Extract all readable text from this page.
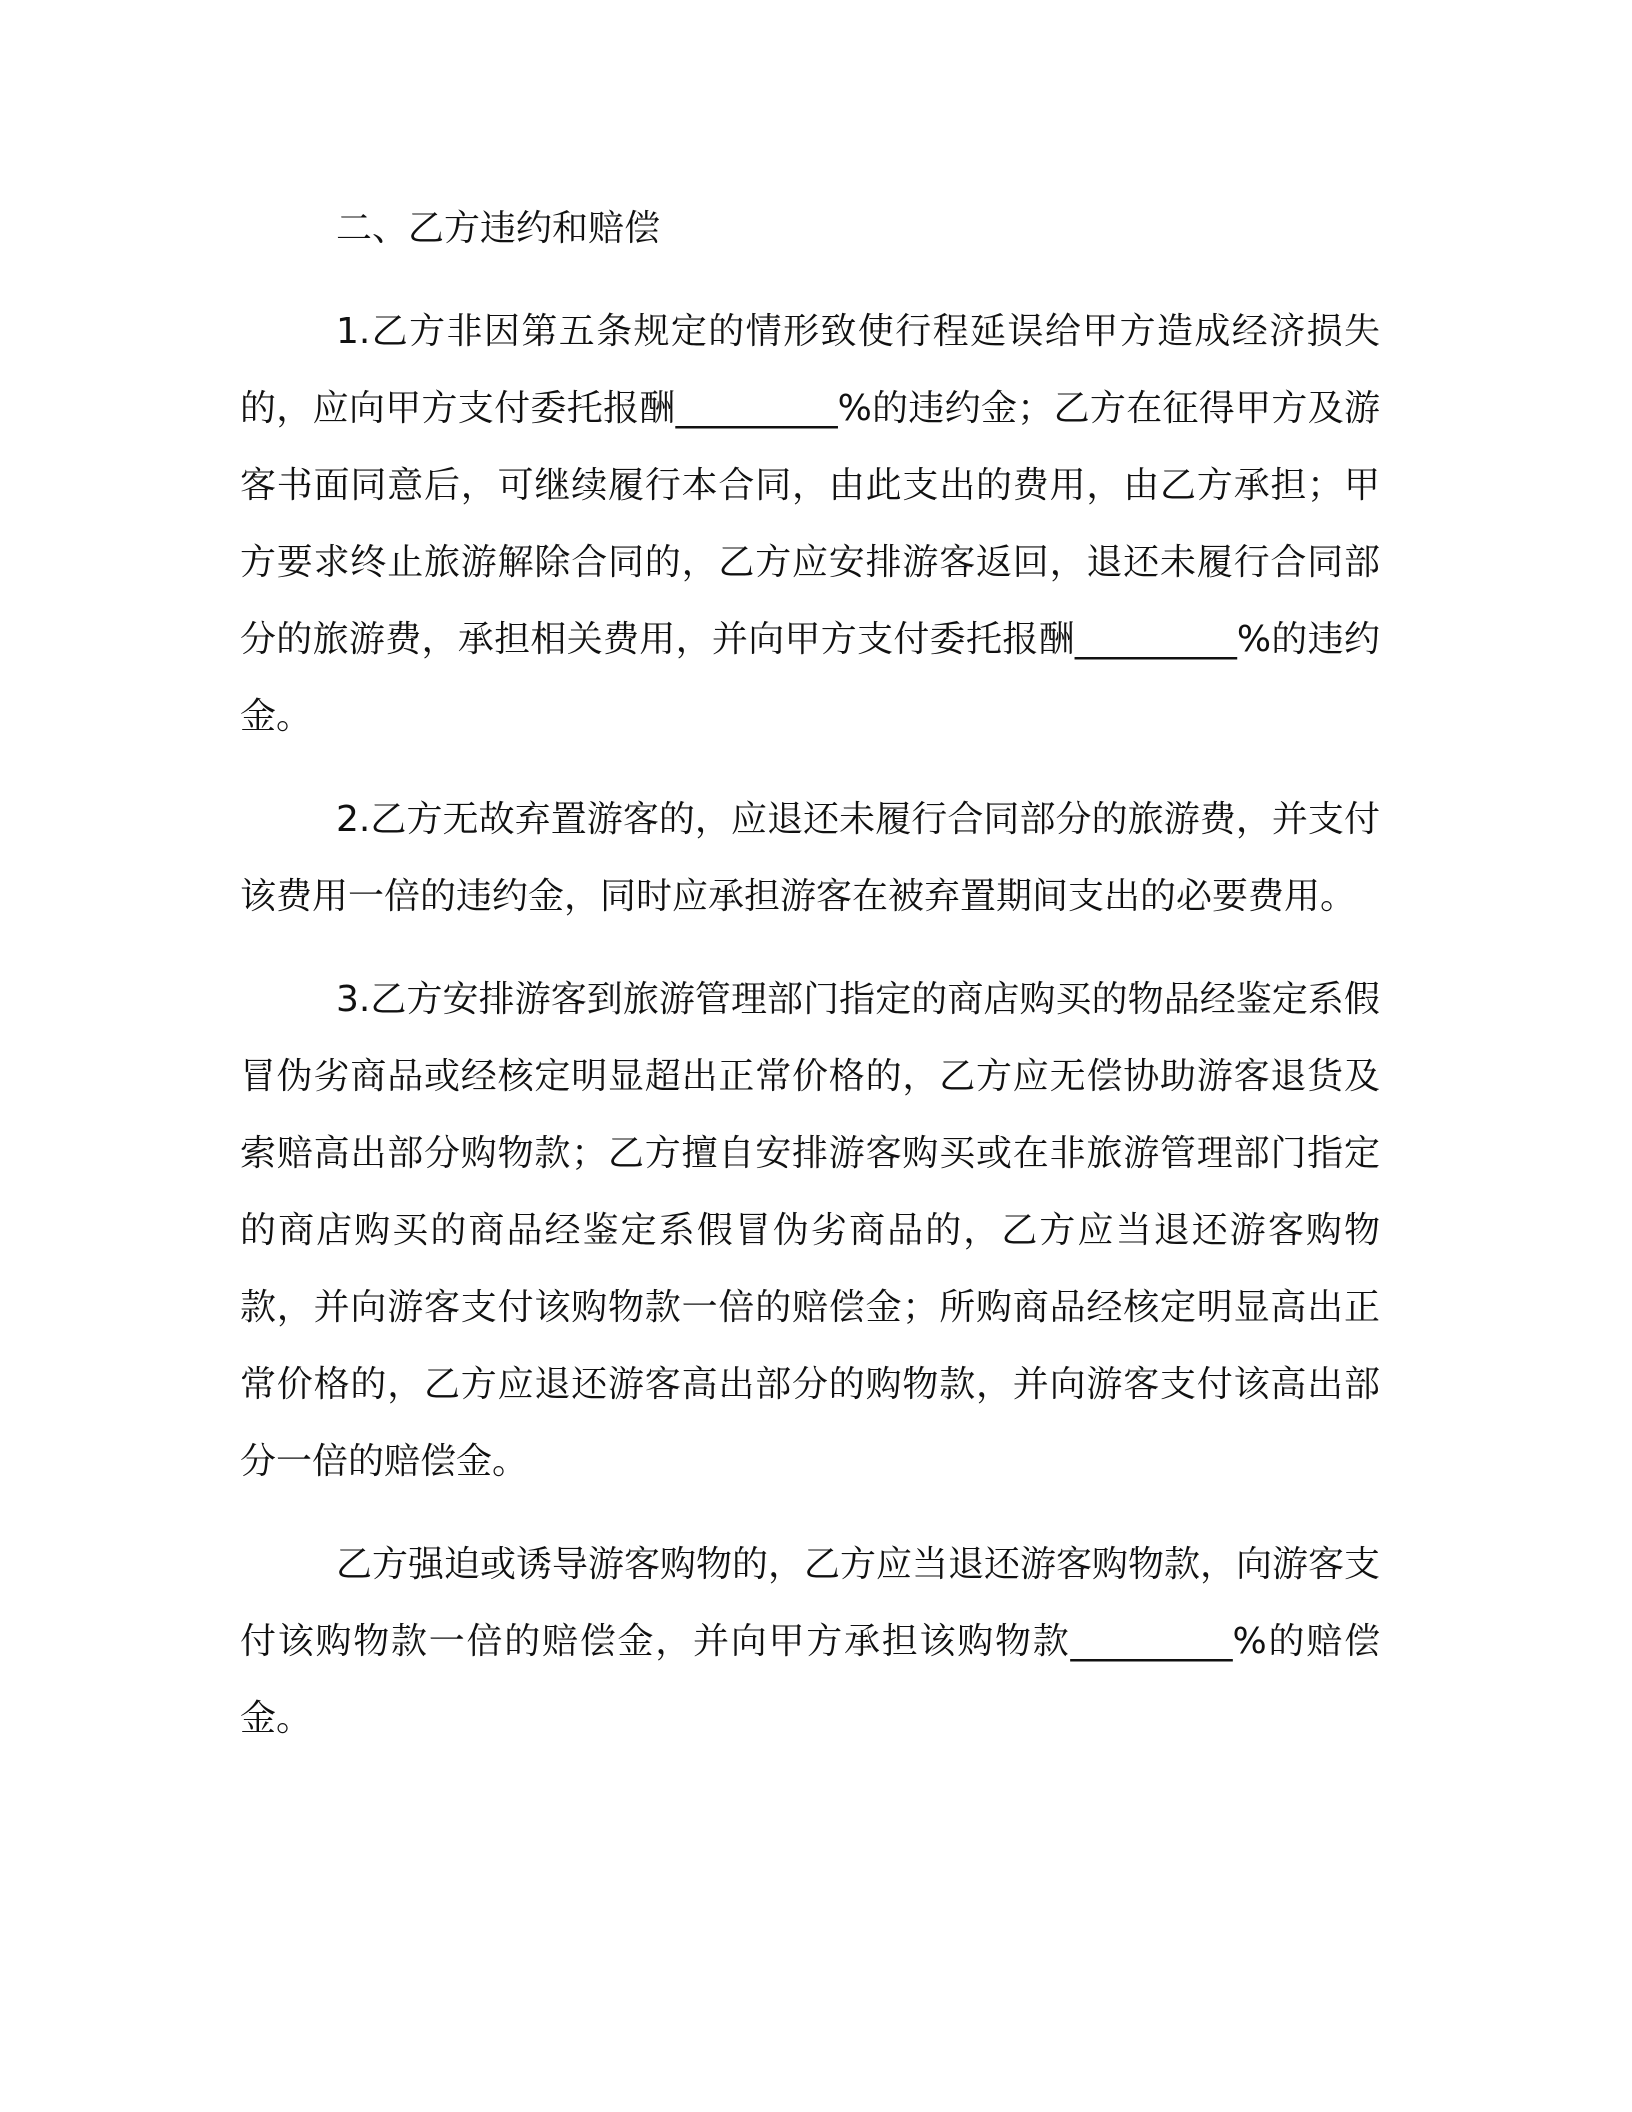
二、乙方违约和赔偿

1.乙方非因第五条规定的情形致使行程延误给甲方造成经济损失的，应向甲方支付委托报酬_________%的违约金；乙方在征得甲方及游客书面同意后，可继续履行本合同，由此支出的费用，由乙方承担；甲方要求终止旅游解除合同的，乙方应安排游客返回，退还未履行合同部分的旅游费，承担相关费用，并向甲方支付委托报酬_________%的违约金。

2.乙方无故弃置游客的，应退还未履行合同部分的旅游费，并支付该费用一倍的违约金，同时应承担游客在被弃置期间支出的必要费用。

3.乙方安排游客到旅游管理部门指定的商店购买的物品经鉴定系假冒伪劣商品或经核定明显超出正常价格的，乙方应无偿协助游客退货及索赔高出部分购物款；乙方擅自安排游客购买或在非旅游管理部门指定的商店购买的商品经鉴定系假冒伪劣商品的，乙方应当退还游客购物款，并向游客支付该购物款一倍的赔偿金；所购商品经核定明显高出正常价格的，乙方应退还游客高出部分的购物款，并向游客支付该高出部分一倍的赔偿金。

乙方强迫或诱导游客购物的，乙方应当退还游客购物款，向游客支付该购物款一倍的赔偿金，并向甲方承担该购物款_________%的赔偿金。
